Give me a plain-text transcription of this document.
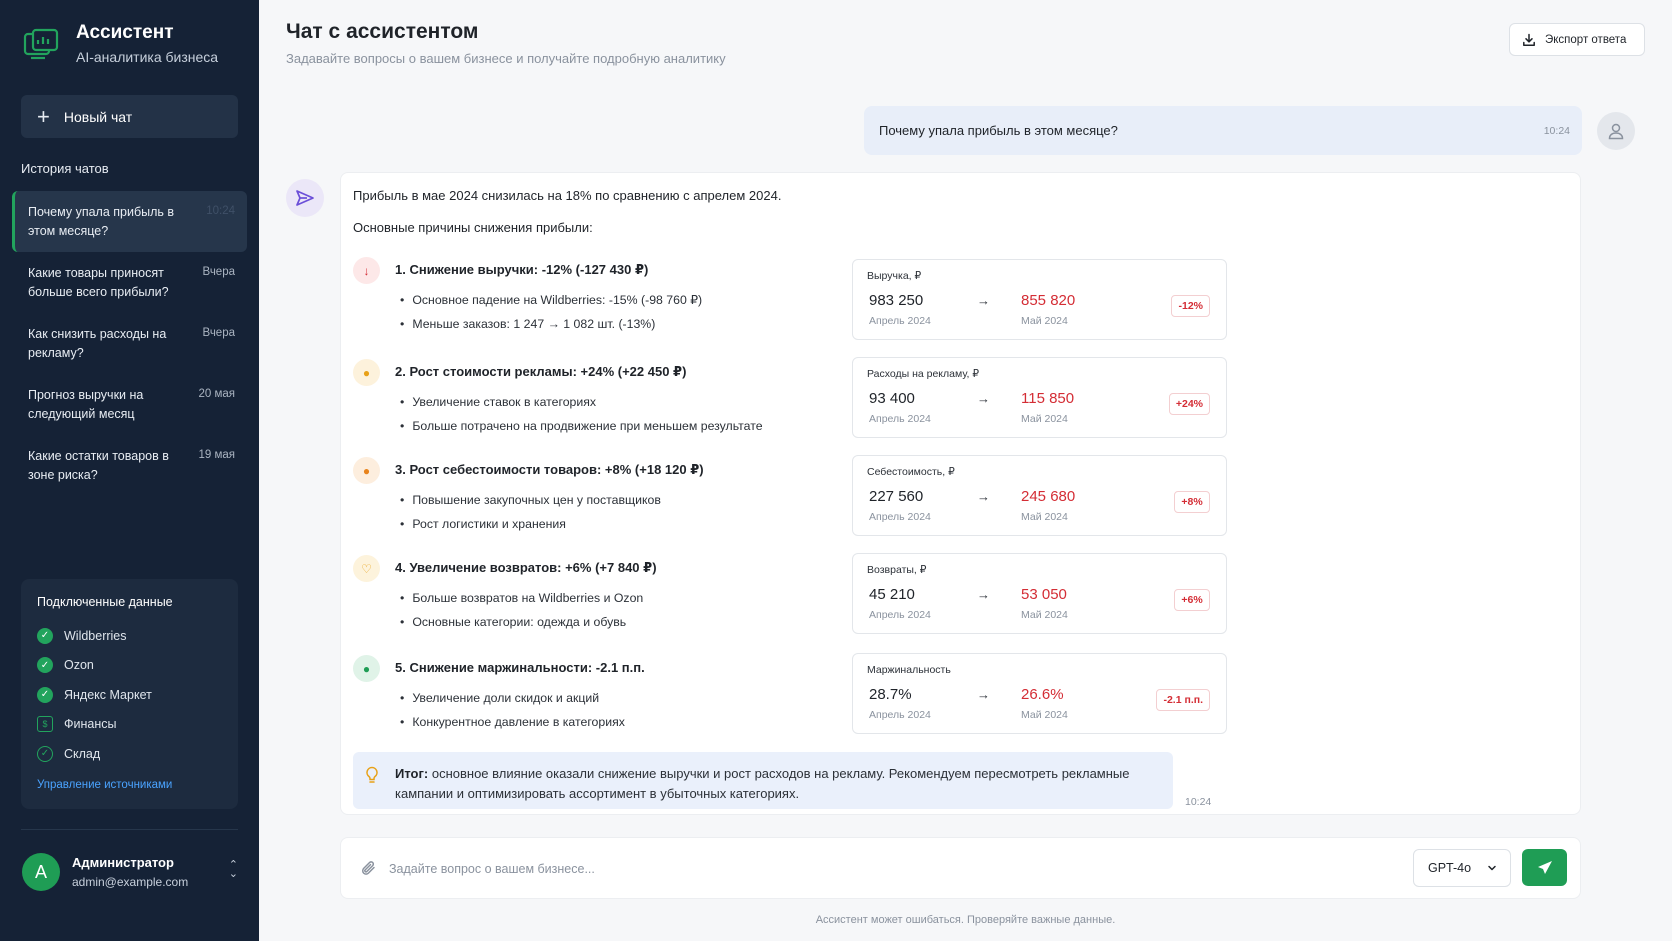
Ассистент
AI-аналитика бизнеса
+ Новый чат
История чатов
Почему упала прибыль в этом месяце?
10:24
Какие товары приносят больше всего прибыли?
Вчера
Как снизить расходы на рекламу?
Вчера
Прогноз выручки на следующий месяц
20 мая
Какие остатки товаров в зоне риска?
19 мая
Подключенные данные
✓	Wildberries
✓	Ozon
✓	Яндекс Маркет
$	Финансы
✓	Склад
Управление источниками
А	Администратор
admin@example.com
⌃
⌄
Чат с ассистентом
Задавайте вопросы о вашем бизнесе и получайте подробную аналитику
Экспорт ответа
Почему упала прибыль в этом месяце?	10:24
Прибыль в мае 2024 снизилась на 18% по сравнению с апрелем 2024.
Основные причины снижения прибыли:
↓	1. Снижение выручки: -12% (-127 430 ₽)
• Основное падение на Wildberries: -15% (-98 760 ₽)
• Меньше заказов: 1 247 → 1 082 шт. (-13%)
Выручка, ₽
983 250
Апрель 2024
→ 855 820
Май 2024
-12%
●	2. Рост стоимости рекламы: +24% (+22 450 ₽)
• Увеличение ставок в категориях
• Больше потрачено на продвижение при меньшем результате
Расходы на рекламу, ₽
93 400
Апрель 2024
→ 115 850
Май 2024
+24%
●	3. Рост себестоимости товаров: +8% (+18 120 ₽)
• Повышение закупочных цен у поставщиков
• Рост логистики и хранения
Себестоимость, ₽
227 560
Апрель 2024
→ 245 680
Май 2024
+8%
♡	4. Увеличение возвратов: +6% (+7 840 ₽)
• Больше возвратов на Wildberries и Ozon
• Основные категории: одежда и обувь
Возвраты, ₽
45 210
Апрель 2024
→ 53 050
Май 2024
+6%
●	5. Снижение маржинальности: -2.1 п.п.
• Увеличение доли скидок и акций
• Конкурентное давление в категориях
Маржинальность
28.7%
Апрель 2024
→ 26.6%
Май 2024
-2.1 п.п.
Итог: основное влияние оказали снижение выручки и рост расходов на рекламу. Рекомендуем пересмотреть рекламные кампании и оптимизировать ассортимент в убыточных категориях.
10:24
Задайте вопрос о вашем бизнесе...
GPT-4o
Ассистент может ошибаться. Проверяйте важные данные.
